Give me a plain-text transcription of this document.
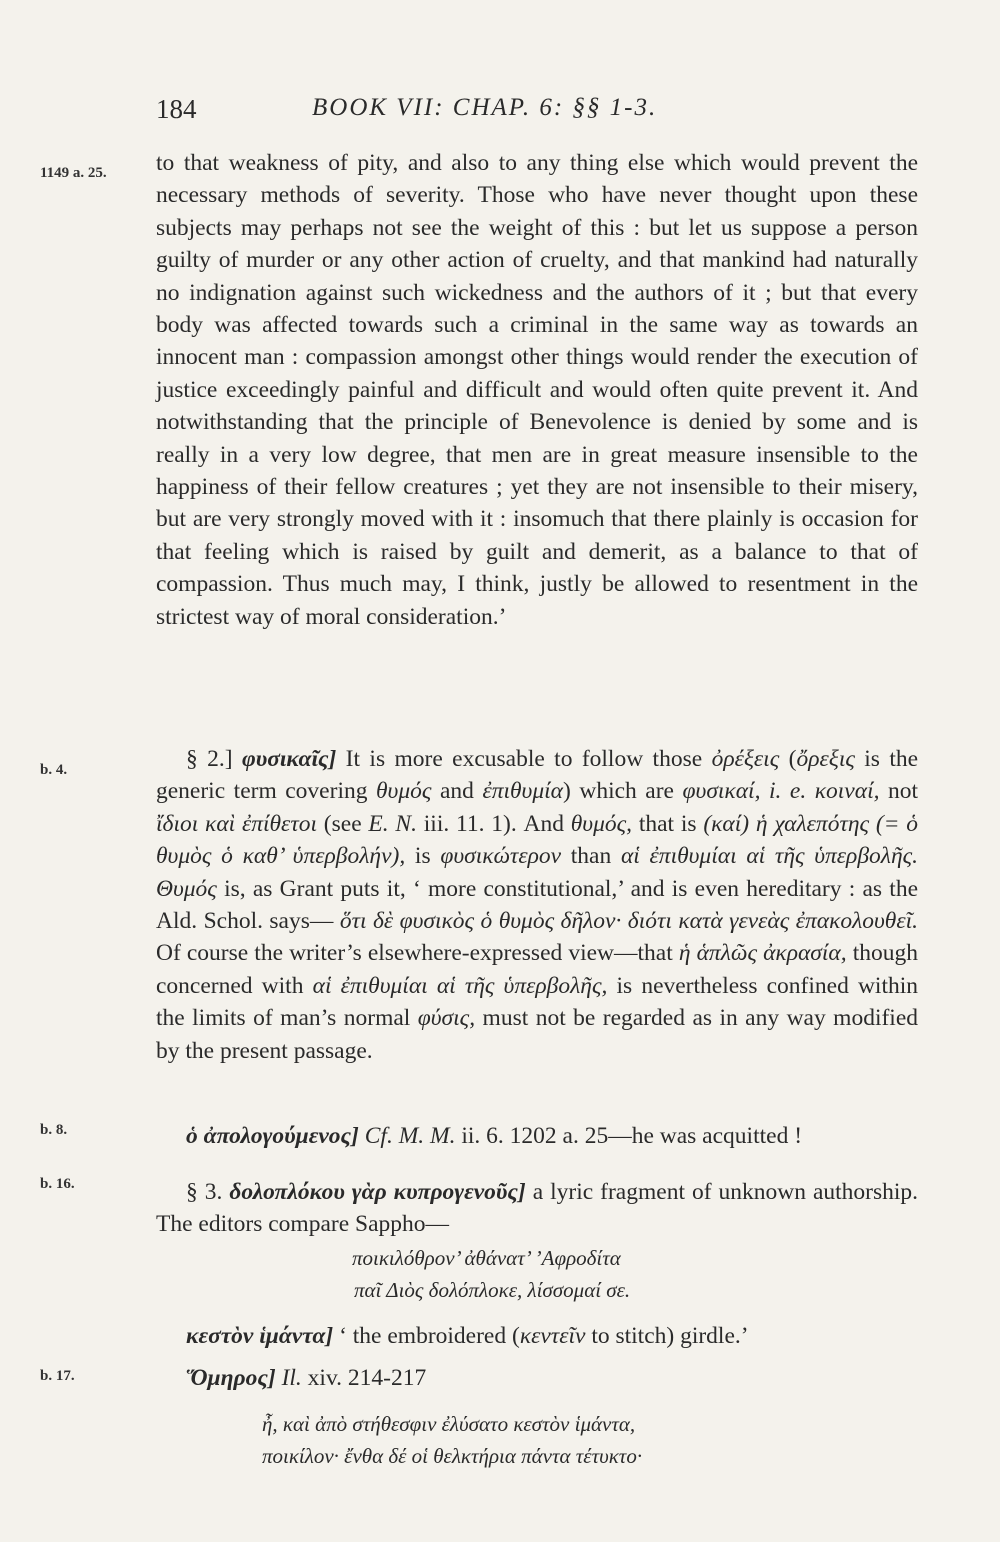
184	BOOK VII: CHAP. 6: §§ 1-3.
1149 a. 25. to that weakness of pity, and also to any thing else which would prevent the necessary methods of severity. Those who have never thought upon these subjects may perhaps not see the weight of this : but let us suppose a person guilty of murder or any other action of cruelty, and that mankind had naturally no indignation against such wickedness and the authors of it ; but that every body was affected towards such a criminal in the same way as towards an innocent man : compassion amongst other things would render the execution of justice exceedingly painful and difficult and would often quite prevent it. And notwithstanding that the principle of Benevolence is denied by some and is really in a very low degree, that men are in great measure insensible to the happiness of their fellow creatures ; yet they are not insensible to their misery, but are very strongly moved with it : insomuch that there plainly is occasion for that feeling which is raised by guilt and demerit, as a balance to that of compassion. Thus much may, I think, justly be allowed to resentment in the strictest way of moral consideration.’

b. 4.	§ 2.] φυσικαῖς] It is more excusable to follow those ὀρέξεις (ὄρεξις is the generic term covering θυμός and ἐπιθυμία) which are φυσικαί, i. e. κοιναί, not ἴδιοι καὶ ἐπίθετοι (see E. N. iii. 11. 1). And θυμός, that is (καί) ἡ χαλεπότης (= ὁ θυμὸς ὁ καθ’ ὑπερβολήν), is φυσικώτερον than αἱ ἐπιθυμίαι αἱ τῆς ὑπερβολῆς. Θυμός is, as Grant puts it, ‘ more constitutional,’ and is even hereditary : as the Ald. Schol. says— ὅτι δὲ φυσικὸς ὁ θυμὸς δῆλον· διότι κατὰ γενεὰς ἐπακολουθεῖ. Of course the writer’s elsewhere-expressed view—that ἡ ἁπλῶς ἀκρασία, though concerned with αἱ ἐπιθυμίαι αἱ τῆς ὑπερβολῆς, is nevertheless confined within the limits of man’s normal φύσις, must not be regarded as in any way modified by the present passage.

b. 8.	ὁ ἀπολογούμενος] Cf. M. M. ii. 6. 1202 a. 25—he was acquitted !

b. 16.	§ 3. δολοπλόκου γὰρ κυπρογενοῦς] a lyric fragment of unknown authorship. The editors compare Sappho—

ποικιλόθρον’ ἀθάνατ’ ’Αφροδίτα
παῖ Διὸς δολόπλοκε, λίσσομαί σε.

κεστὸν ἱμάντα] ‘ the embroidered (κεντεῖν to stitch) girdle.’

b. 17.	Ὅμηρος] Il. xiv. 214-217

ἦ, καὶ ἀπὸ στήθεσφιν ἐλύσατο κεστὸν ἱμάντα,
ποικίλον· ἔνθα δέ οἱ θελκτήρια πάντα τέτυκτο·
